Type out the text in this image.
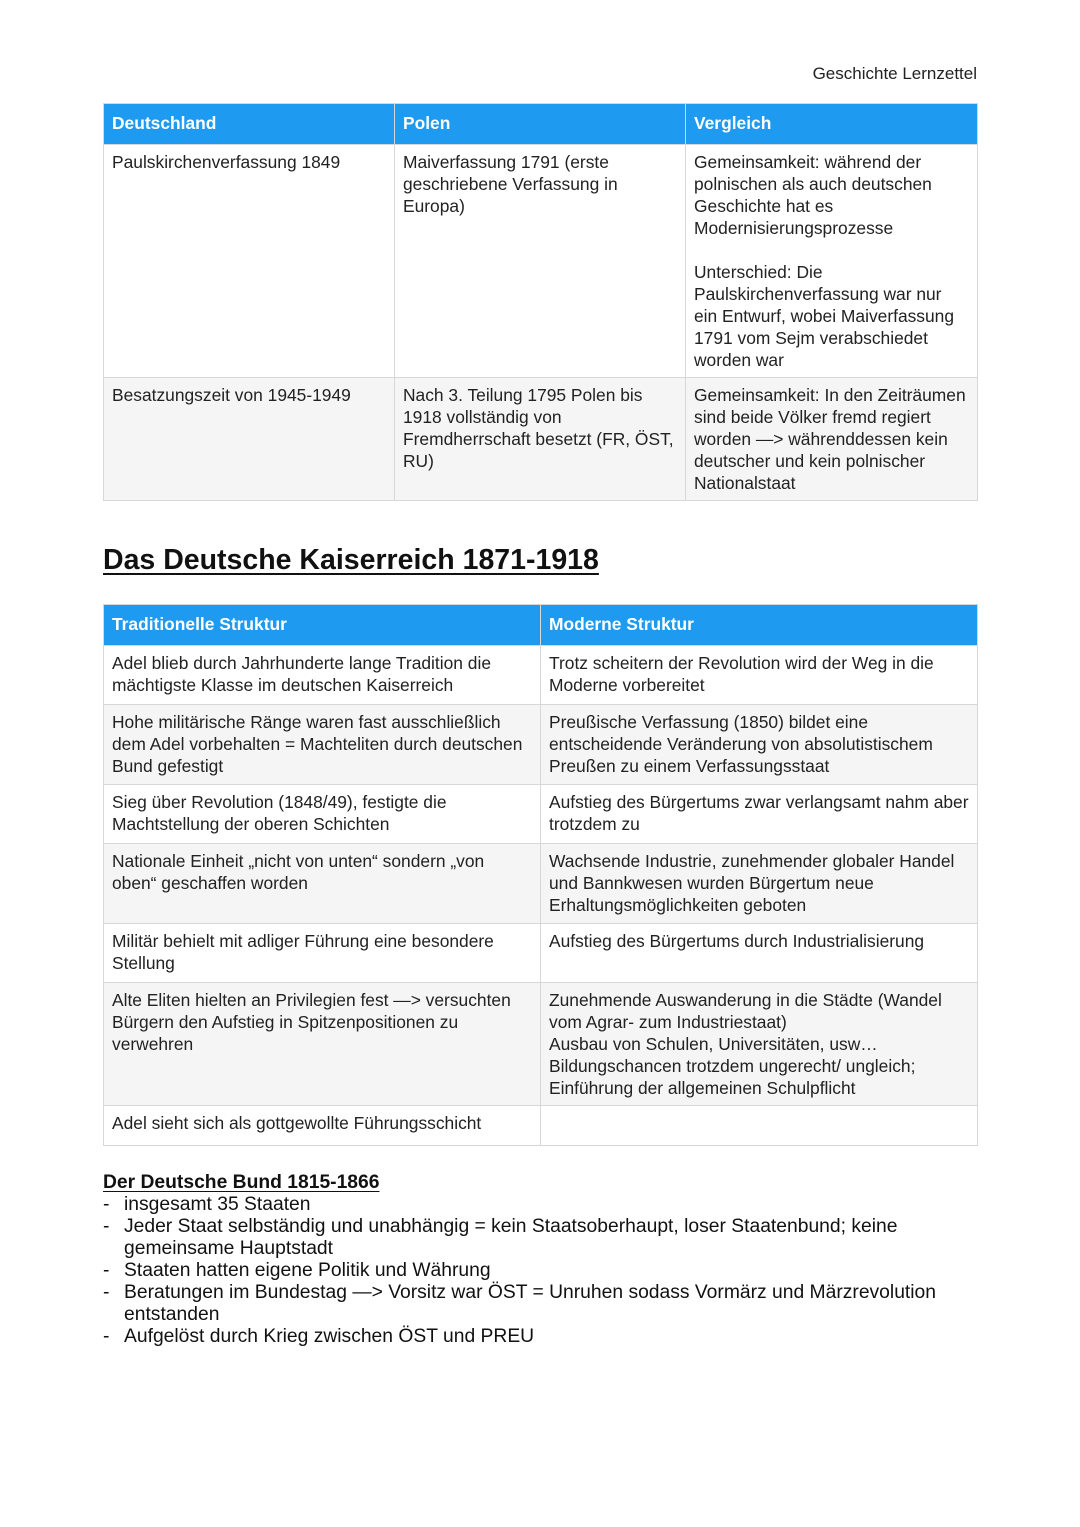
Geschichte Lernzettel
Deutschland	Polen	Vergleich
Paulskirchenverfassung 1849	Maiverfassung 1791 (erste geschriebene Verfassung in Europa)	Gemeinsamkeit: während der polnischen als auch deutschen Geschichte hat es Modernisierungsprozesse

Unterschied: Die Paulskirchenverfassung war nur ein Entwurf, wobei Maiverfassung 1791 vom Sejm verabschiedet worden war

Besatzungszeit von 1945-1949	Nach 3. Teilung 1795 Polen bis 1918 vollständig von Fremdherrschaft besetzt (FR, ÖST, RU)	Gemeinsamkeit: In den Zeiträumen sind beide Völker fremd regiert worden —> währenddessen kein deutscher und kein polnischer Nationalstaat
Das Deutsche Kaiserreich 1871-1918
Traditionelle Struktur	Moderne Struktur
Adel blieb durch Jahrhunderte lange Tradition die mächtigste Klasse im deutschen Kaiserreich	Trotz scheitern der Revolution wird der Weg in die Moderne vorbereitet
Hohe militärische Ränge waren fast ausschließlich dem Adel vorbehalten = Machteliten durch deutschen Bund gefestigt	Preußische Verfassung (1850) bildet eine entscheidende Veränderung von absolutistischem Preußen zu einem Verfassungsstaat
Sieg über Revolution (1848/49), festigte die Machtstellung der oberen Schichten	Aufstieg des Bürgertums zwar verlangsamt nahm aber trotzdem zu
Nationale Einheit „nicht von unten“ sondern „von oben“ geschaffen worden	Wachsende Industrie, zunehmender globaler Handel und Bannkwesen wurden Bürgertum neue Erhaltungsmöglichkeiten geboten
Militär behielt mit adliger Führung eine besondere Stellung	Aufstieg des Bürgertums durch Industrialisierung
Alte Eliten hielten an Privilegien fest —> versuchten Bürgern den Aufstieg in Spitzenpositionen zu verwehren	Zunehmende Auswanderung in die Städte (Wandel vom Agrar- zum Industriestaat)
Ausbau von Schulen, Universitäten, usw…
Bildungschancen trotzdem ungerecht/ ungleich; Einführung der allgemeinen Schulpflicht

Adel sieht sich als gottgewollte Führungsschicht	

Der Deutsche Bund 1815-1866

- insgesamt 35 Staaten
- Jeder Staat selbständig und unabhängig = kein Staatsoberhaupt, loser Staatenbund; keine gemeinsame Hauptstadt
- Staaten hatten eigene Politik und Währung
- Beratungen im Bundestag —> Vorsitz war ÖST = Unruhen sodass Vormärz und Märzrevolution entstanden
- Aufgelöst durch Krieg zwischen ÖST und PREU
